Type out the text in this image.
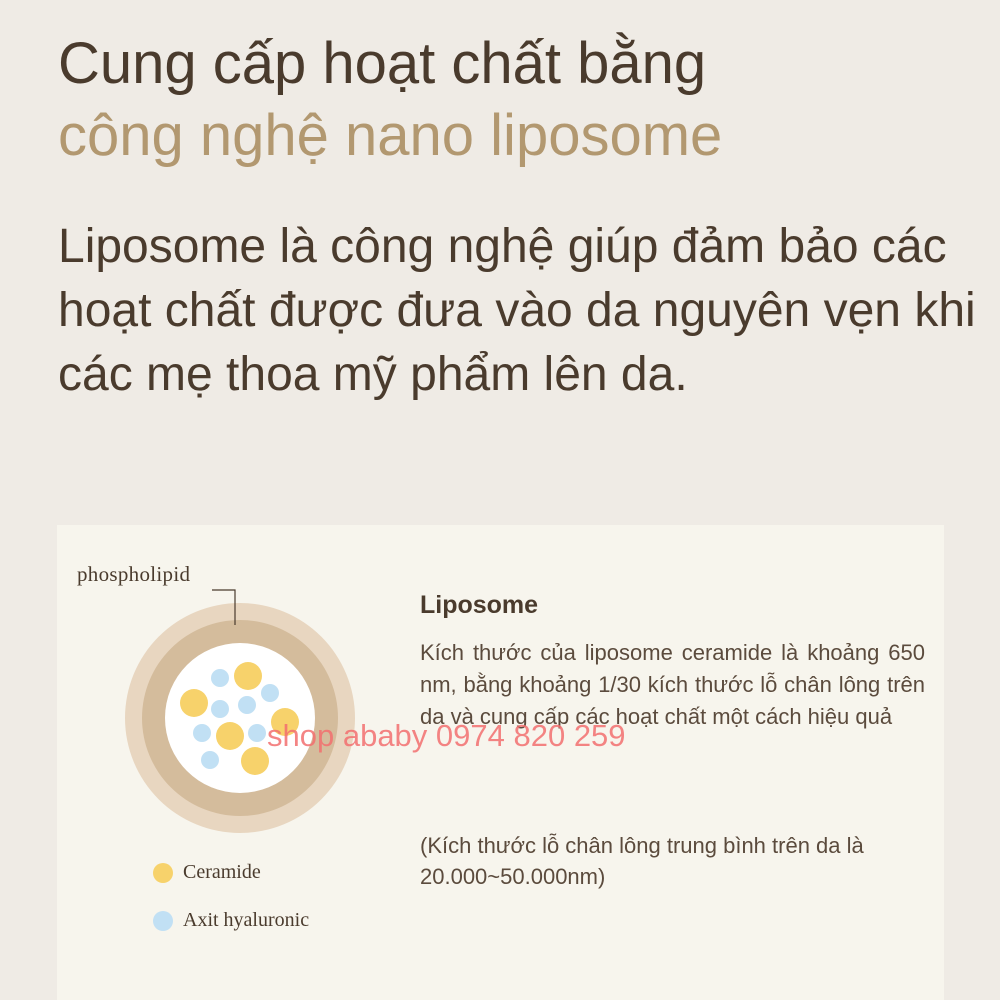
Cung cấp hoạt chất bằng
công nghệ nano liposome

Liposome là công nghệ giúp đảm bảo các hoạt chất được đưa vào da nguyên vẹn khi các mẹ thoa mỹ phẩm lên da.

phospholipid
Ceramide
Axit hyaluronic
Liposome

Kích thước của liposome ceramide là khoảng 650 nm, bằng khoảng 1/30 kích thước lỗ chân lông trên da và cung cấp các hoạt chất một cách hiệu quả

(Kích thước lỗ chân lông trung bình trên da là 20.000~50.000nm)

shop ababy 0974 820 259
